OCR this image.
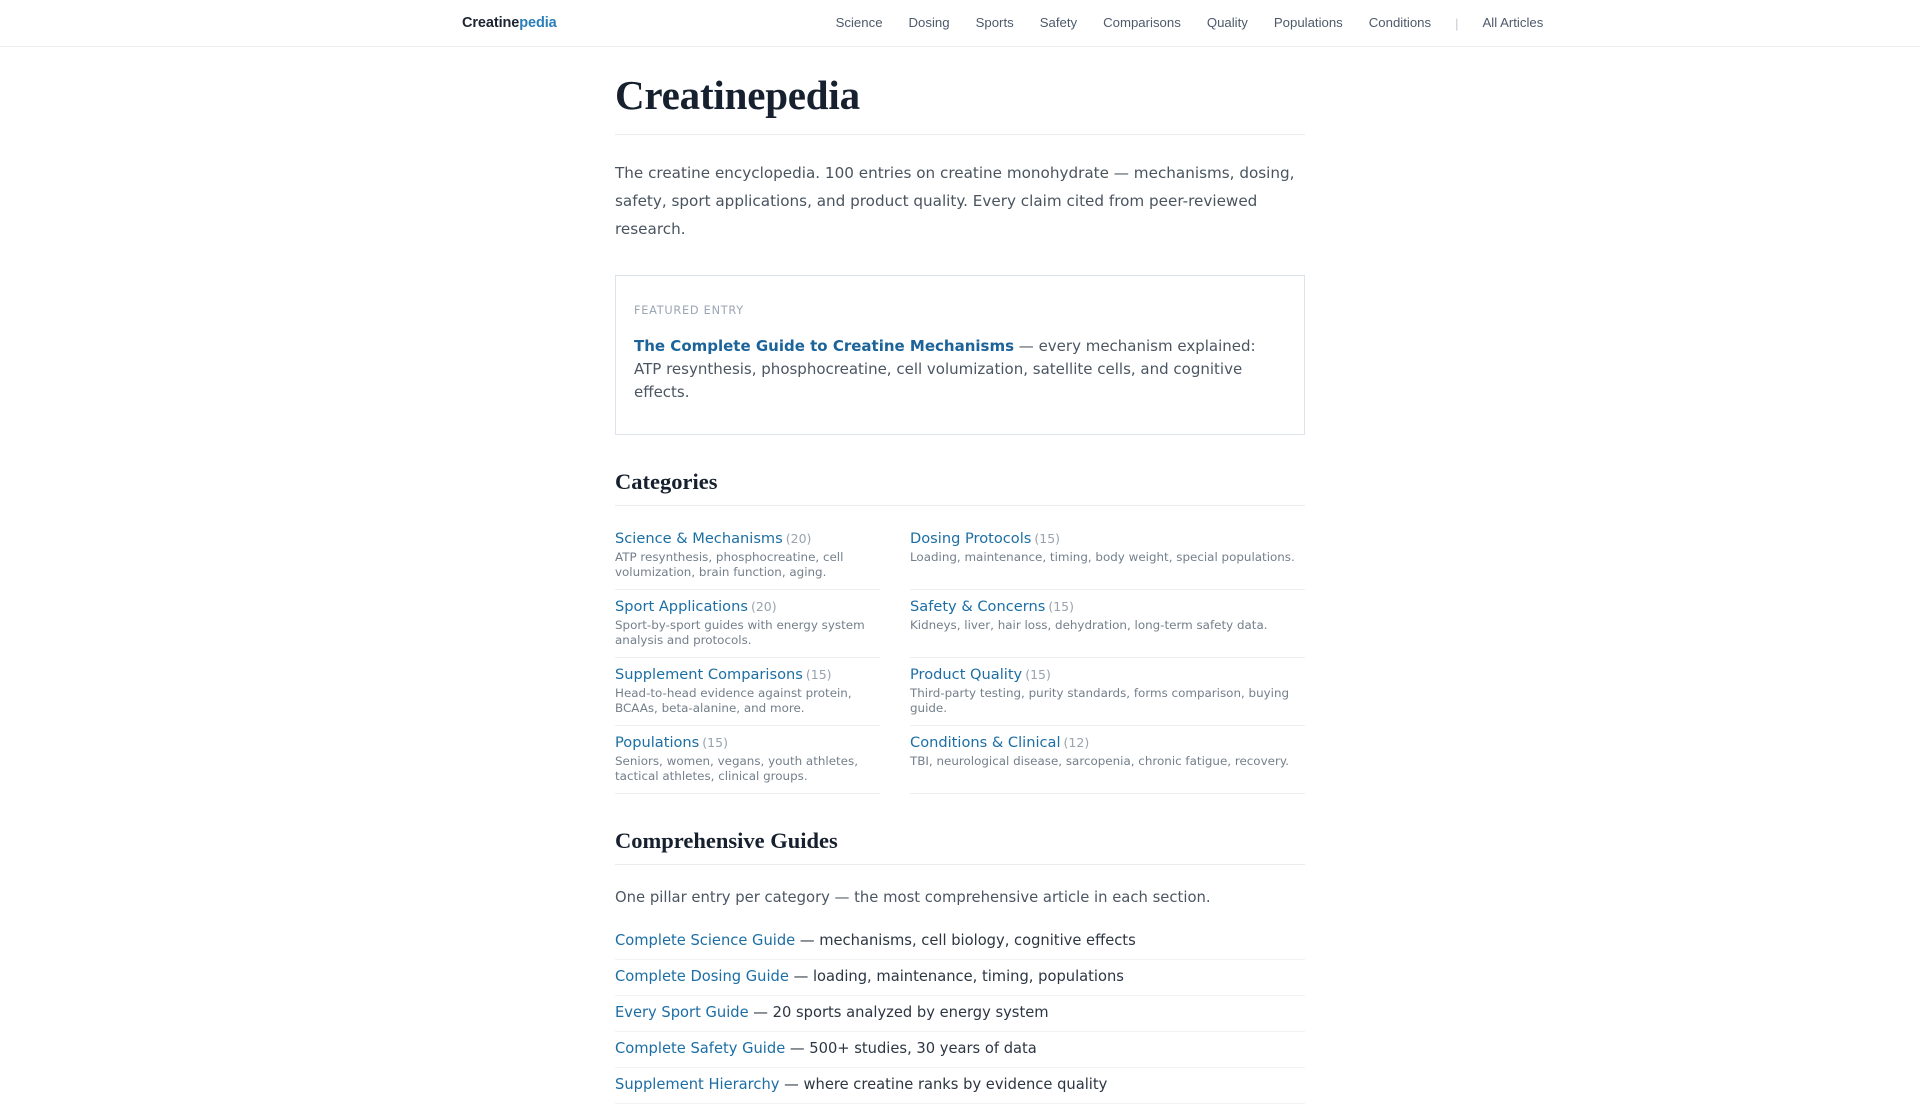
Creatinepedia	Science	Dosing	Sports	Safety	Comparisons	Quality	Populations	Conditions	|	All Articles
Creatinepedia

The creatine encyclopedia. 100 entries on creatine monohydrate — mechanisms, dosing, safety, sport applications, and product quality. Every claim cited from peer-reviewed research.

FEATURED ENTRY

The Complete Guide to Creatine Mechanisms — every mechanism explained: ATP resynthesis, phosphocreatine, cell volumization, satellite cells, and cognitive effects.

Categories
Science & Mechanisms (20)

ATP resynthesis, phosphocreatine, cell volumization, brain function, aging.

Dosing Protocols (15)

Loading, maintenance, timing, body weight, special populations.

Sport Applications (20)

Sport-by-sport guides with energy system analysis and protocols.

Safety & Concerns (15)

Kidneys, liver, hair loss, dehydration, long-term safety data.

Supplement Comparisons (15)

Head-to-head evidence against protein, BCAAs, beta-alanine, and more.

Product Quality (15)

Third-party testing, purity standards, forms comparison, buying guide.

Populations (15)

Seniors, women, vegans, youth athletes, tactical athletes, clinical groups.

Conditions & Clinical (12)

TBI, neurological disease, sarcopenia, chronic fatigue, recovery.

Comprehensive Guides

One pillar entry per category — the most comprehensive article in each section.

Complete Science Guide — mechanisms, cell biology, cognitive effects
Complete Dosing Guide — loading, maintenance, timing, populations
Every Sport Guide — 20 sports analyzed by energy system
Complete Safety Guide — 500+ studies, 30 years of data
Supplement Hierarchy — where creatine ranks by evidence quality
